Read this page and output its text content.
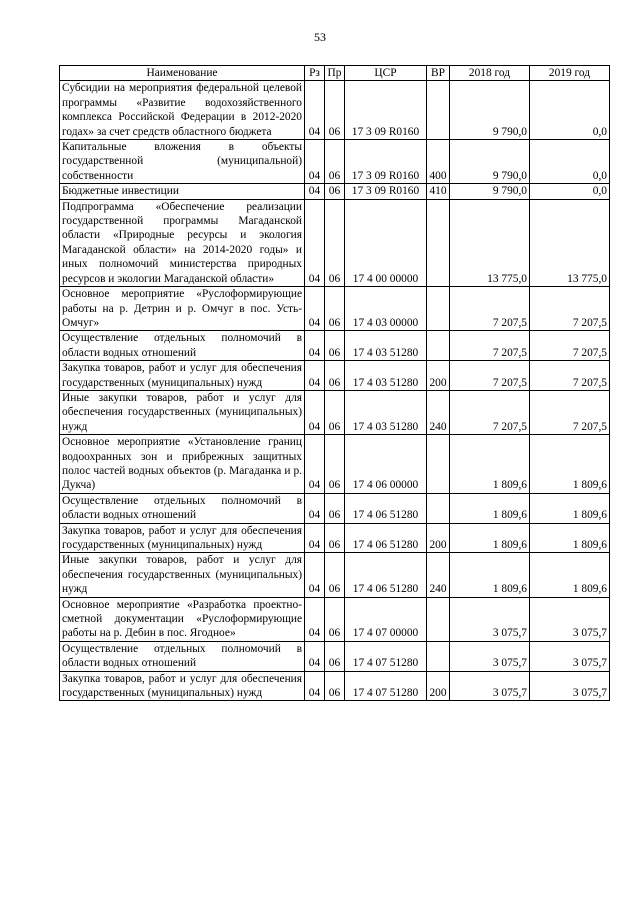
53
Наименование	Рз	Пр	ЦСР	ВР	2018 год	2019 год
Субсидии на мероприятия федеральной целевой программы «Развитие водохозяйственного комплекса Российской Федерации в 2012-2020 годах» за счет средств областного бюджета	04	06	17 3 09 R0160		9 790,0	0,0
Капитальные вложения в объекты государственной (муниципальной) собственности	04	06	17 3 09 R0160	400	9 790,0	0,0
Бюджетные инвестиции	04	06	17 3 09 R0160	410	9 790,0	0,0
Подпрограмма «Обеспечение реализации государственной программы Магаданской области «Природные ресурсы и экология Магаданской области» на 2014-2020 годы» и иных полномочий министерства природных ресурсов и экологии Магаданской области»	04	06	17 4 00 00000		13 775,0	13 775,0
Основное мероприятие «Руслоформирующие работы на р. Детрин и р. Омчуг в пос. Усть-Омчуг»	04	06	17 4 03 00000		7 207,5	7 207,5
Осуществление отдельных полномочий в области водных отношений	04	06	17 4 03 51280		7 207,5	7 207,5
Закупка товаров, работ и услуг для обеспечения государственных (муниципальных) нужд	04	06	17 4 03 51280	200	7 207,5	7 207,5
Иные закупки товаров, работ и услуг для обеспечения государственных (муниципальных) нужд	04	06	17 4 03 51280	240	7 207,5	7 207,5
Основное мероприятие «Установление границ водоохранных зон и прибрежных защитных полос частей водных объектов (р. Магаданка и р. Дукча)	04	06	17 4 06 00000		1 809,6	1 809,6
Осуществление отдельных полномочий в области водных отношений	04	06	17 4 06 51280		1 809,6	1 809,6
Закупка товаров, работ и услуг для обеспечения государственных (муниципальных) нужд	04	06	17 4 06 51280	200	1 809,6	1 809,6
Иные закупки товаров, работ и услуг для обеспечения государственных (муниципальных) нужд	04	06	17 4 06 51280	240	1 809,6	1 809,6
Основное мероприятие «Разработка проектно-сметной документации «Руслоформирующие работы на р. Дебин в пос. Ягодное»	04	06	17 4 07 00000		3 075,7	3 075,7
Осуществление отдельных полномочий в области водных отношений	04	06	17 4 07 51280		3 075,7	3 075,7
Закупка товаров, работ и услуг для обеспечения государственных (муниципальных) нужд	04	06	17 4 07 51280	200	3 075,7	3 075,7
